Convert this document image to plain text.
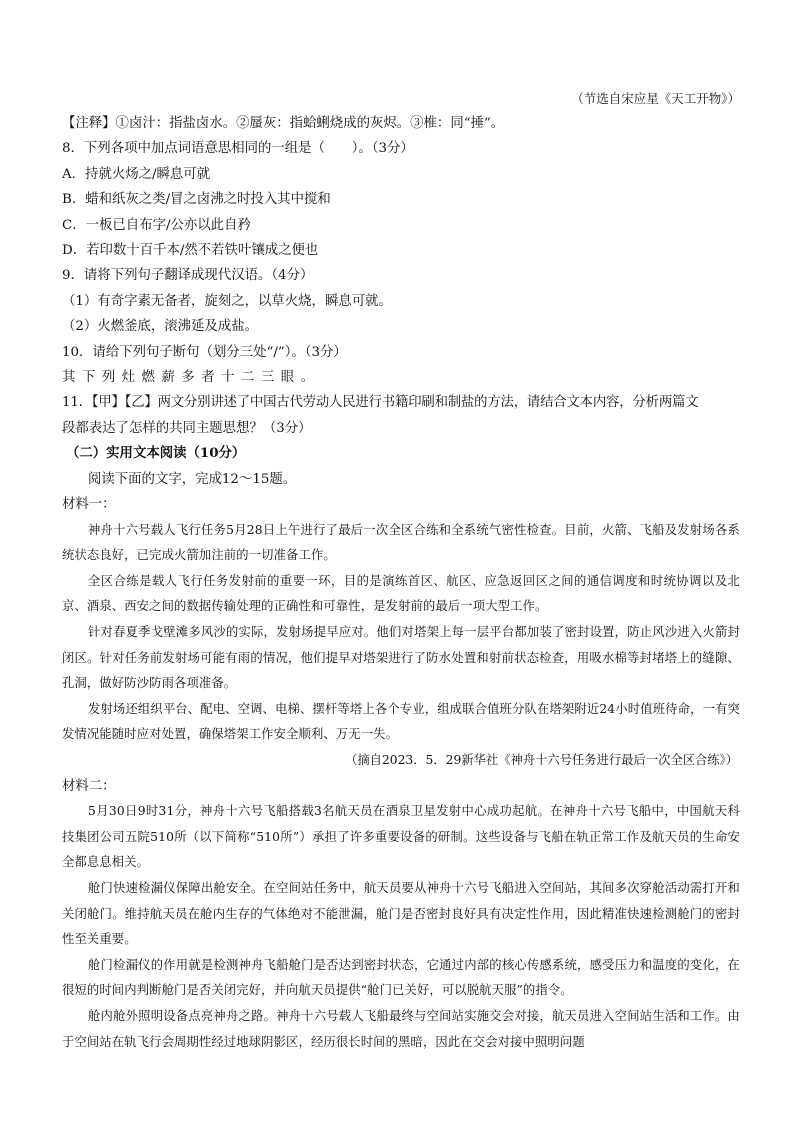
（节选自宋应星《天工开物》）
【注释】①卤汁：指盐卤水。②蜃灰：指蛤蜊烧成的灰烬。③椎：同“捶”。
8．下列各项中加点词语意思相同的一组是（　　）。（3分）
A．持就火炀之/瞬息可就
B．蜡和纸灰之类/冒之卤沸之时投入其中搅和
C．一板已自布字/公亦以此自矜
D．若印数十百千本/然不若铁叶镶成之便也
9．请将下列句子翻译成现代汉语。（4分）
（1）有奇字素无备者，旋刻之，以草火烧，瞬息可就。
（2）火燃釜底，滚沸延及成盐。
10．请给下列句子断句（划分三处“/”）。（3分）
其下列灶燃薪多者十二三眼。
11．【甲】【乙】两文分别讲述了中国古代劳动人民进行书籍印刷和制盐的方法，请结合文本内容，分析两篇文
段都表达了怎样的共同主题思想？（3分）
（二）实用文本阅读（10分）
阅读下面的文字，完成12～15题。
材料一：

神舟十六号载人飞行任务5月28日上午进行了最后一次全区合练和全系统气密性检查。目前，火箭、飞船及发射场各系统状态良好，已完成火箭加注前的一切准备工作。

全区合练是载人飞行任务发射前的重要一环，目的是演练首区、航区、应急返回区之间的通信调度和时统协调以及北京、酒泉、西安之间的数据传输处理的正确性和可靠性，是发射前的最后一项大型工作。

针对春夏季戈壁滩多风沙的实际，发射场提早应对。他们对塔架上每一层平台都加装了密封设置，防止风沙进入火箭封闭区。针对任务前发射场可能有雨的情况，他们提早对塔架进行了防水处置和射前状态检查，用吸水棉等封堵塔上的缝隙、孔洞，做好防沙防雨各项准备。

发射场还组织平台、配电、空调、电梯、摆杆等塔上各个专业，组成联合值班分队在塔架附近24小时值班待命，一有突发情况能随时应对处置，确保塔架工作安全顺利、万无一失。

（摘自2023．5．29新华社《神舟十六号任务进行最后一次全区合练》）
材料二：

5月30日9时31分，神舟十六号飞船搭载3名航天员在酒泉卫星发射中心成功起航。在神舟十六号飞船中，中国航天科技集团公司五院510所（以下简称“510所”）承担了许多重要设备的研制。这些设备与飞船在轨正常工作及航天员的生命安全都息息相关。

舱门快速检漏仪保障出舱安全。在空间站任务中，航天员要从神舟十六号飞船进入空间站，其间多次穿舱活动需打开和关闭舱门。维持航天员在舱内生存的气体绝对不能泄漏，舱门是否密封良好具有决定性作用，因此精准快速检测舱门的密封性至关重要。

舱门检漏仪的作用就是检测神舟飞船舱门是否达到密封状态，它通过内部的核心传感系统，感受压力和温度的变化，在很短的时间内判断舱门是否关闭完好，并向航天员提供“舱门已关好，可以脱航天服”的指令。

舱内舱外照明设备点亮神舟之路。神舟十六号载人飞船最终与空间站实施交会对接，航天员进入空间站生活和工作。由于空间站在轨飞行会周期性经过地球阴影区，经历很长时间的黑暗，因此在交会对接中照明问题
